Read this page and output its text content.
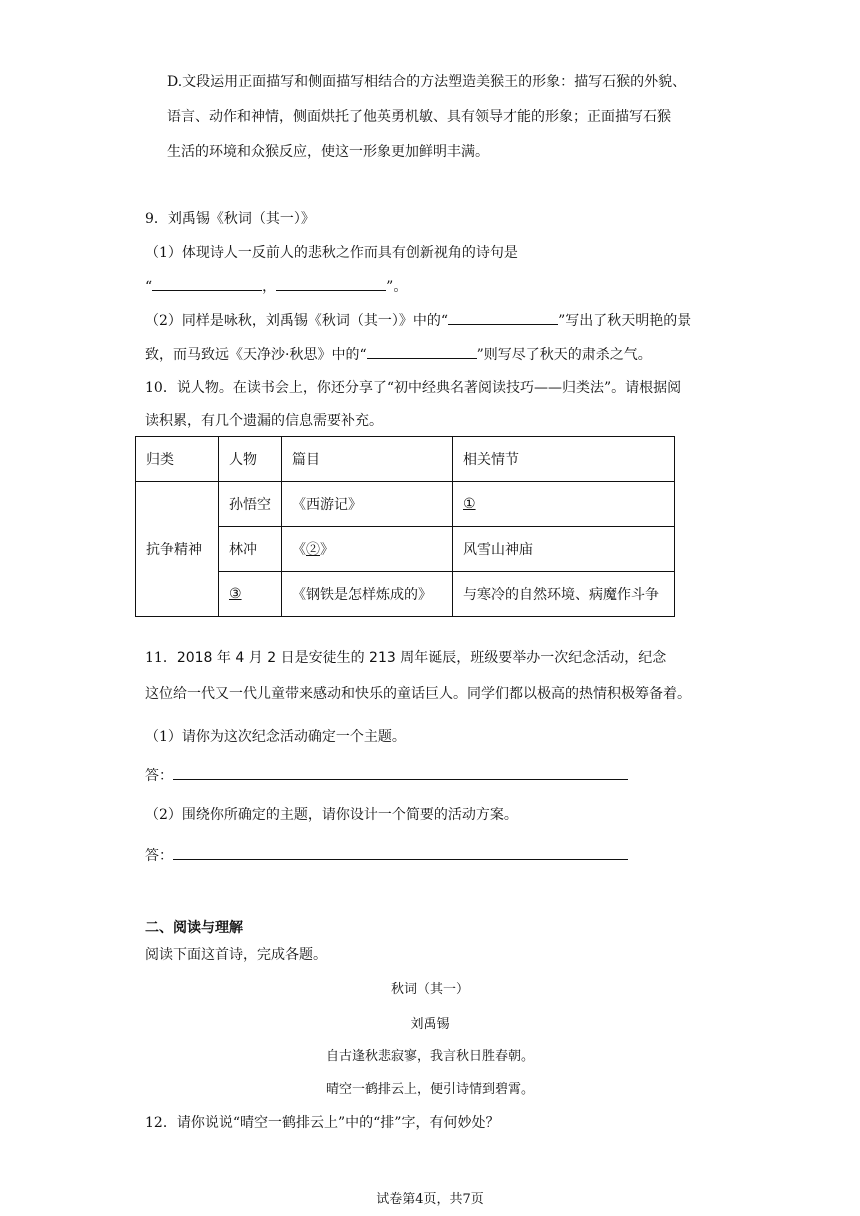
D.文段运用正面描写和侧面描写相结合的方法塑造美猴王的形象：描写石猴的外貌、
语言、动作和神情，侧面烘托了他英勇机敏、具有领导才能的形象；正面描写石猴
生活的环境和众猴反应，使这一形象更加鲜明丰满。
9．刘禹锡《秋词（其一）》
（1）体现诗人一反前人的悲秋之作而具有创新视角的诗句是
“	，	”。
（2）同样是咏秋，刘禹锡《秋词（其一）》中的“	”写出了秋天明艳的景
致，而马致远《天净沙·秋思》中的“	”则写尽了秋天的肃杀之气。
10．说人物。在读书会上，你还分享了“初中经典名著阅读技巧——归类法”。请根据阅
读积累，有几个遗漏的信息需要补充。
归类	人物	篇目	相关情节
抗争精神	孙悟空	《西游记》	①
	林冲	《②》	风雪山神庙
	③	《钢铁是怎样炼成的》	与寒冷的自然环境、病魔作斗争
11．2018 年 4 月 2 日是安徒生的 213 周年诞辰，班级要举办一次纪念活动，纪念
这位给一代又一代儿童带来感动和快乐的童话巨人。同学们都以极高的热情积极筹备着。
（1）请你为这次纪念活动确定一个主题。
答：
（2）围绕你所确定的主题，请你设计一个简要的活动方案。
答：
二、阅读与理解
阅读下面这首诗，完成各题。
秋词（其一）
刘禹锡
自古逢秋悲寂寥，我言秋日胜春朝。
晴空一鹤排云上，便引诗情到碧霄。
12．请你说说“晴空一鹤排云上”中的“排”字，有何妙处？
试卷第4页，共7页
